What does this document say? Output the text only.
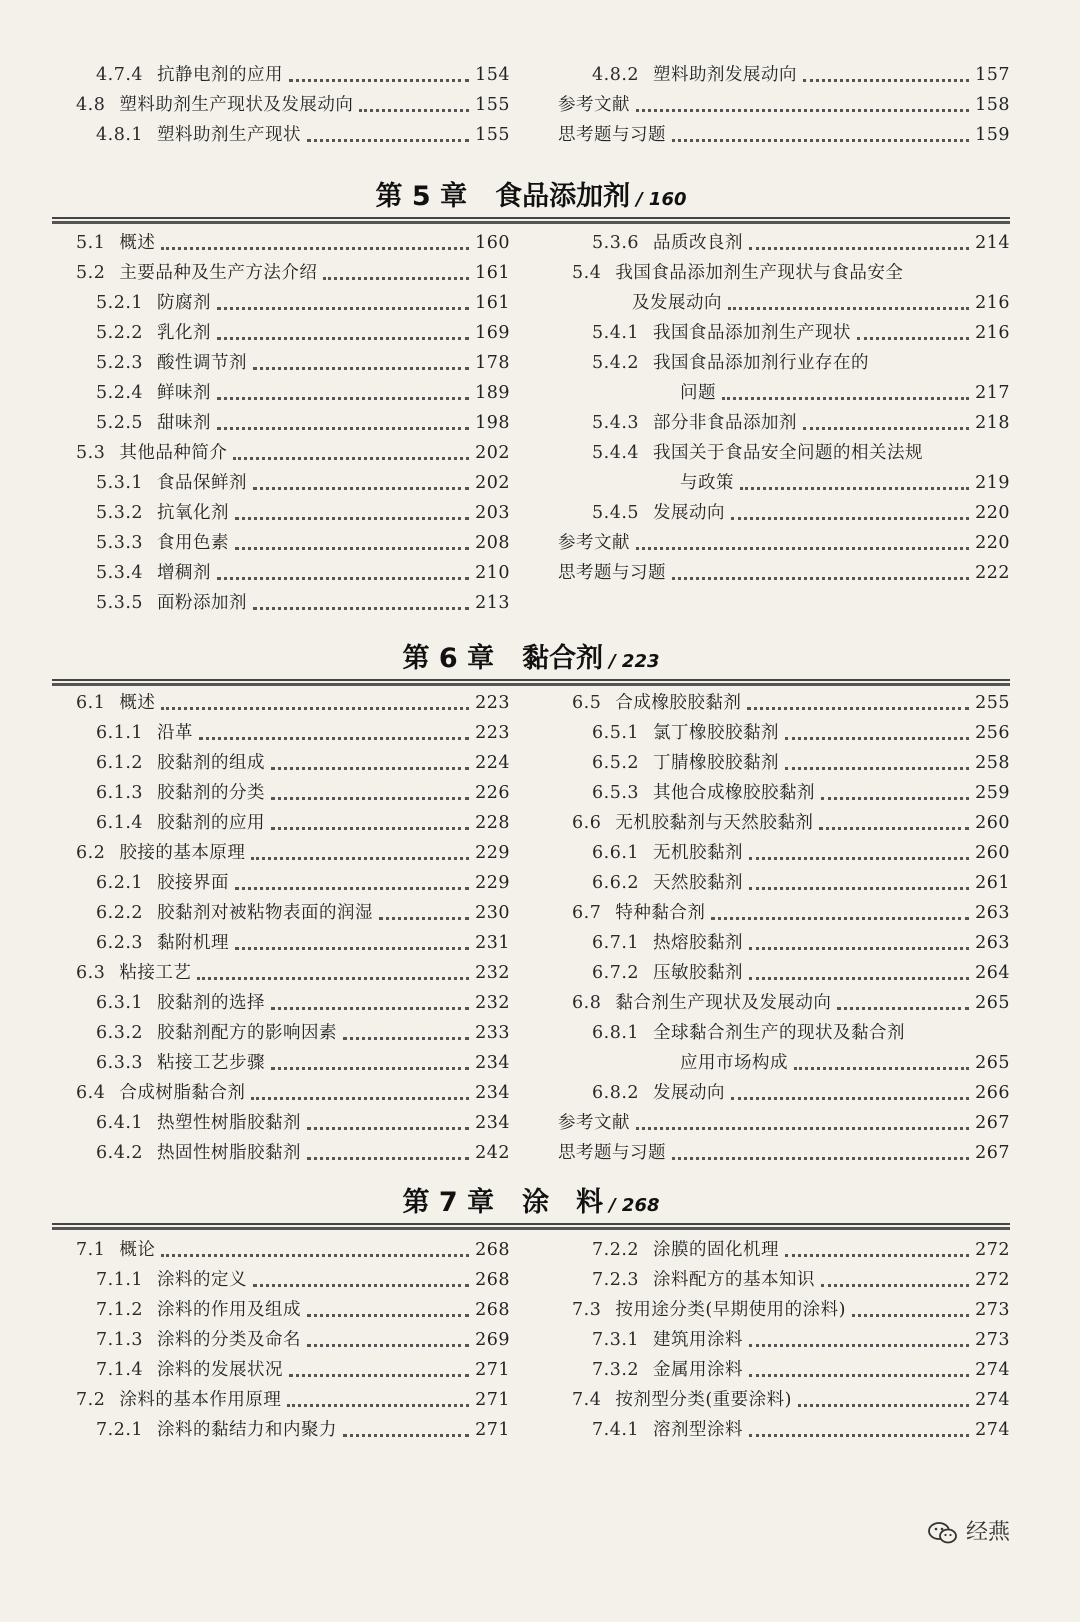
4.7.4 抗静电剂的应用	154
4.8 塑料助剂生产现状及发展动向	155
4.8.1 塑料助剂生产现状	155
4.8.2 塑料助剂发展动向	157
参考文献	158
思考题与习题	159
第 5 章 食品添加剂 / 160
5.1 概述	160
5.2 主要品种及生产方法介绍	161
5.2.1 防腐剂	161
5.2.2 乳化剂	169
5.2.3 酸性调节剂	178
5.2.4 鲜味剂	189
5.2.5 甜味剂	198
5.3 其他品种简介	202
5.3.1 食品保鲜剂	202
5.3.2 抗氧化剂	203
5.3.3 食用色素	208
5.3.4 增稠剂	210
5.3.5 面粉添加剂	213
5.3.6 品质改良剂	214
5.4 我国食品添加剂生产现状与食品安全
及发展动向	216
5.4.1 我国食品添加剂生产现状	216
5.4.2 我国食品添加剂行业存在的
问题	217
5.4.3 部分非食品添加剂	218
5.4.4 我国关于食品安全问题的相关法规
与政策	219
5.4.5 发展动向	220
参考文献	220
思考题与习题	222
第 6 章 黏合剂 / 223
6.1 概述	223
6.1.1 沿革	223
6.1.2 胶黏剂的组成	224
6.1.3 胶黏剂的分类	226
6.1.4 胶黏剂的应用	228
6.2 胶接的基本原理	229
6.2.1 胶接界面	229
6.2.2 胶黏剂对被粘物表面的润湿	230
6.2.3 黏附机理	231
6.3 粘接工艺	232
6.3.1 胶黏剂的选择	232
6.3.2 胶黏剂配方的影响因素	233
6.3.3 粘接工艺步骤	234
6.4 合成树脂黏合剂	234
6.4.1 热塑性树脂胶黏剂	234
6.4.2 热固性树脂胶黏剂	242
6.5 合成橡胶胶黏剂	255
6.5.1 氯丁橡胶胶黏剂	256
6.5.2 丁腈橡胶胶黏剂	258
6.5.3 其他合成橡胶胶黏剂	259
6.6 无机胶黏剂与天然胶黏剂	260
6.6.1 无机胶黏剂	260
6.6.2 天然胶黏剂	261
6.7 特种黏合剂	263
6.7.1 热熔胶黏剂	263
6.7.2 压敏胶黏剂	264
6.8 黏合剂生产现状及发展动向	265
6.8.1 全球黏合剂生产的现状及黏合剂
应用市场构成	265
6.8.2 发展动向	266
参考文献	267
思考题与习题	267
第 7 章 涂　料 / 268
7.1 概论	268
7.1.1 涂料的定义	268
7.1.2 涂料的作用及组成	268
7.1.3 涂料的分类及命名	269
7.1.4 涂料的发展状况	271
7.2 涂料的基本作用原理	271
7.2.1 涂料的黏结力和内聚力	271
7.2.2 涂膜的固化机理	272
7.2.3 涂料配方的基本知识	272
7.3 按用途分类(早期使用的涂料)	273
7.3.1 建筑用涂料	273
7.3.2 金属用涂料	274
7.4 按剂型分类(重要涂料)	274
7.4.1 溶剂型涂料	274
经燕
